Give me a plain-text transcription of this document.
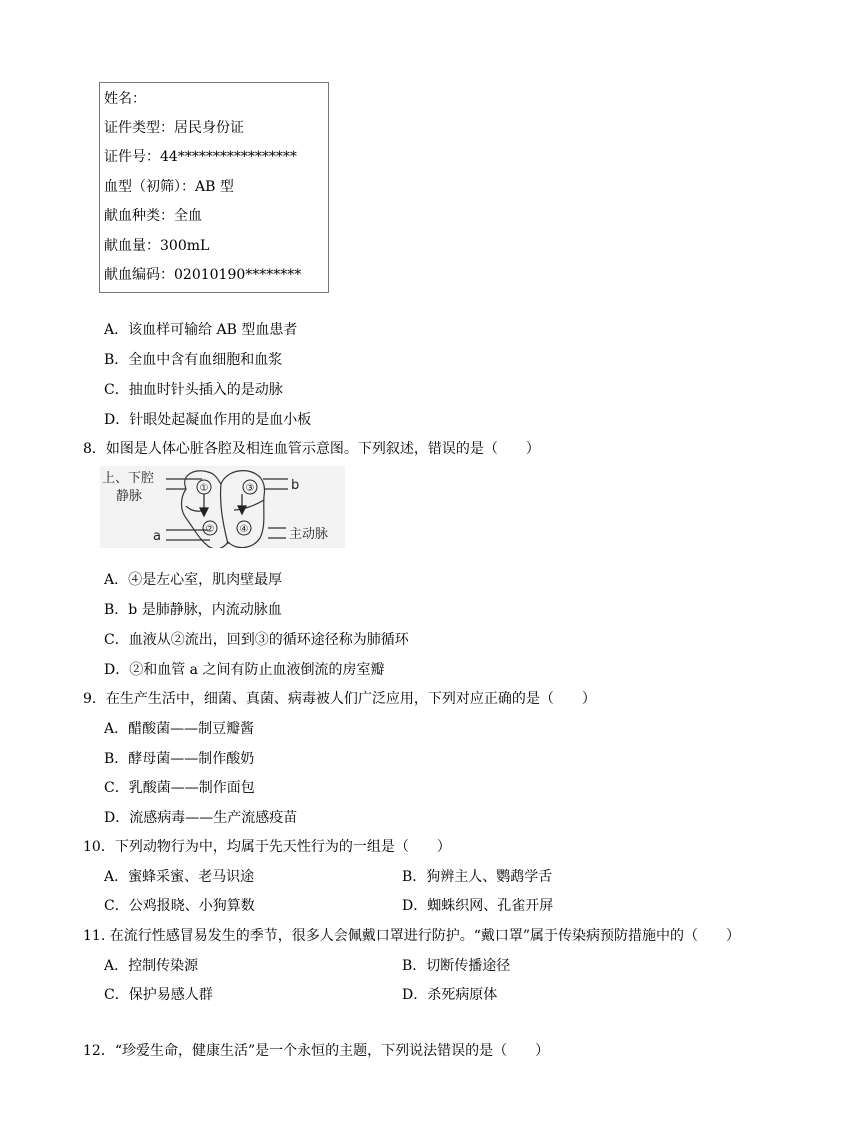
姓名：
证件类型：居民身份证
证件号：44*****************
血型（初筛）：AB 型
献血种类：全血
献血量：300mL
献血编码：02010190********
A．该血样可输给 AB 型血患者
B．全血中含有血细胞和血浆
C．抽血时针头插入的是动脉
D．针眼处起凝血作用的是血小板
8．如图是人体心脏各腔及相连血管示意图。下列叙述，错误的是（　　）
①
②
③
④
上、下腔
静脉
b
a	主动脉
A．④是左心室，肌肉壁最厚
B．b 是肺静脉，内流动脉血
C．血液从②流出，回到③的循环途径称为肺循环
D．②和血管 a 之间有防止血液倒流的房室瓣
9．在生产生活中，细菌、真菌、病毒被人们广泛应用，下列对应正确的是（　　）
A．醋酸菌——制豆瓣酱
B．酵母菌——制作酸奶
C．乳酸菌——制作面包
D．流感病毒——生产流感疫苗
10．下列动物行为中，均属于先天性行为的一组是（　　）
A．蜜蜂采蜜、老马识途	B．狗辨主人、鹦鹉学舌
C．公鸡报晓、小狗算数	D．蜘蛛织网、孔雀开屏
11. 在流行性感冒易发生的季节，很多人会佩戴口罩进行防护。“戴口罩”属于传染病预防措施中的（　　）
A．控制传染源	B．切断传播途径
C．保护易感人群	D．杀死病原体
12．“珍爱生命，健康生活”是一个永恒的主题，下列说法错误的是（　　）
